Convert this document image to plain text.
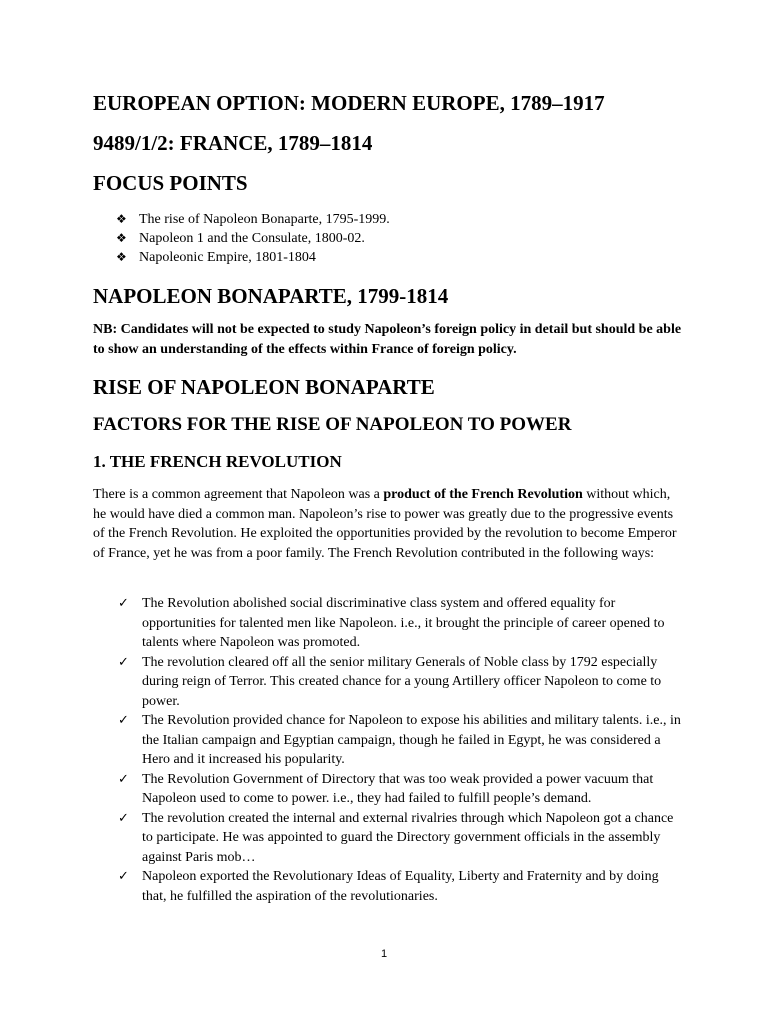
EUROPEAN OPTION: MODERN EUROPE, 1789–1917
9489/1/2: FRANCE, 1789–1814
FOCUS POINTS
❖ The rise of Napoleon Bonaparte, 1795-1999.
❖ Napoleon 1 and the Consulate, 1800-02.
❖ Napoleonic Empire, 1801-1804
NAPOLEON BONAPARTE, 1799-1814

NB: Candidates will not be expected to study Napoleon’s foreign policy in detail but should be able to show an understanding of the effects within France of foreign policy.

RISE OF NAPOLEON BONAPARTE
FACTORS FOR THE RISE OF NAPOLEON TO POWER
1. THE FRENCH REVOLUTION

There is a common agreement that Napoleon was a product of the French Revolution without which, he would have died a common man. Napoleon’s rise to power was greatly due to the progressive events of the French Revolution. He exploited the opportunities provided by the revolution to become Emperor of France, yet he was from a poor family. The French Revolution contributed in the following ways:

✓ The Revolution abolished social discriminative class system and offered equality for opportunities for talented men like Napoleon. i.e., it brought the principle of career opened to talents where Napoleon was promoted.
✓ The revolution cleared off all the senior military Generals of Noble class by 1792 especially during reign of Terror. This created chance for a young Artillery officer Napoleon to come to power.
✓ The Revolution provided chance for Napoleon to expose his abilities and military talents. i.e., in the Italian campaign and Egyptian campaign, though he failed in Egypt, he was considered a Hero and it increased his popularity.
✓ The Revolution Government of Directory that was too weak provided a power vacuum that Napoleon used to come to power. i.e., they had failed to fulfill people’s demand.
✓ The revolution created the internal and external rivalries through which Napoleon got a chance to participate. He was appointed to guard the Directory government officials in the assembly against Paris mob…
✓ Napoleon exported the Revolutionary Ideas of Equality, Liberty and Fraternity and by doing that, he fulfilled the aspiration of the revolutionaries.
1
